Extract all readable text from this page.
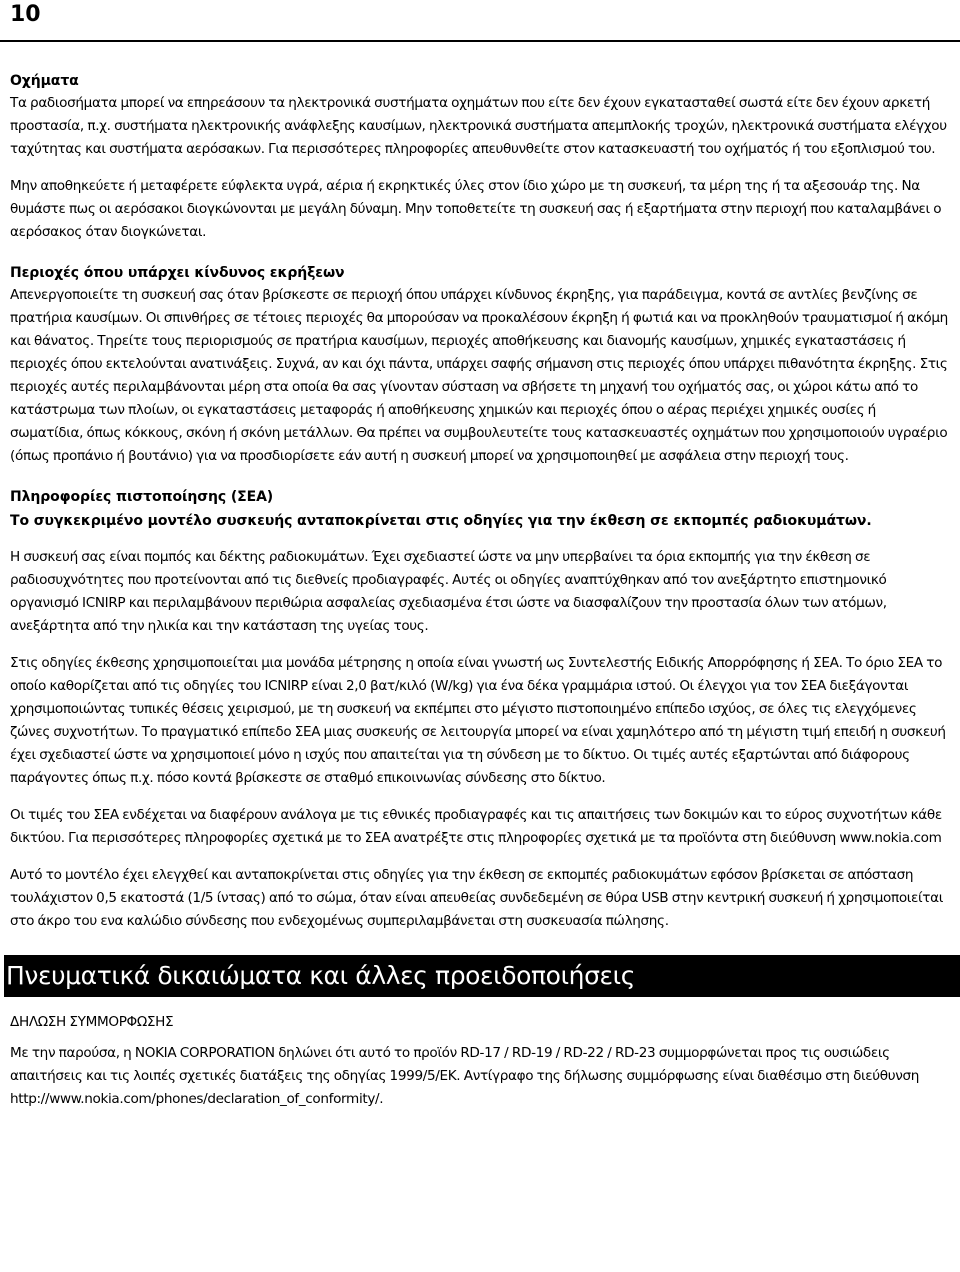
10
Οχήματα

Τα ραδιοσήματα μπορεί να επηρεάσουν τα ηλεκτρονικά συστήματα οχημάτων που είτε δεν έχουν εγκατασταθεί σωστά είτε δεν έχουν αρκετή προστασία, π.χ. συστήματα ηλεκτρονικής ανάφλεξης καυσίμων, ηλεκτρονικά συστήματα απεμπλοκής τροχών, ηλεκτρονικά συστήματα ελέγχου ταχύτητας και συστήματα αερόσακων. Για περισσότερες πληροφορίες απευθυνθείτε στον κατασκευαστή του οχήματός ή του εξοπλισμού του.

Μην αποθηκεύετε ή μεταφέρετε εύφλεκτα υγρά, αέρια ή εκρηκτικές ύλες στον ίδιο χώρο με τη συσκευή, τα μέρη της ή τα αξεσουάρ της. Να θυμάστε πως οι αερόσακοι διογκώνονται με μεγάλη δύναμη. Μην τοποθετείτε τη συσκευή σας ή εξαρτήματα στην περιοχή που καταλαμβάνει ο αερόσακος όταν διογκώνεται.

Περιοχές όπου υπάρχει κίνδυνος εκρήξεων

Απενεργοποιείτε τη συσκευή σας όταν βρίσκεστε σε περιοχή όπου υπάρχει κίνδυνος έκρηξης, για παράδειγμα, κοντά σε αντλίες βενζίνης σε πρατήρια καυσίμων. Οι σπινθήρες σε τέτοιες περιοχές θα μπορούσαν να προκαλέσουν έκρηξη ή φωτιά και να προκληθούν τραυματισμοί ή ακόμη και θάνατος. Τηρείτε τους περιορισμούς σε πρατήρια καυσίμων, περιοχές αποθήκευσης και διανομής καυσίμων, χημικές εγκαταστάσεις ή περιοχές όπου εκτελούνται ανατινάξεις. Συχνά, αν και όχι πάντα, υπάρχει σαφής σήμανση στις περιοχές όπου υπάρχει πιθανότητα έκρηξης. Στις περιοχές αυτές περιλαμβάνονται μέρη στα οποία θα σας γίνονταν σύσταση να σβήσετε τη μηχανή του οχήματός σας, οι χώροι κάτω από το κατάστρωμα των πλοίων, οι εγκαταστάσεις μεταφοράς ή αποθήκευσης χημικών και περιοχές όπου ο αέρας περιέχει χημικές ουσίες ή σωματίδια, όπως κόκκους, σκόνη ή σκόνη μετάλλων. Θα πρέπει να συμβουλευτείτε τους κατασκευαστές οχημάτων που χρησιμοποιούν υγραέριο (όπως προπάνιο ή βουτάνιο) για να προσδιορίσετε εάν αυτή η συσκευή μπορεί να χρησιμοποιηθεί με ασφάλεια στην περιοχή τους.

Πληροφορίες πιστοποίησης (ΣΕΑ)
Το συγκεκριμένο μοντέλο συσκευής ανταποκρίνεται στις οδηγίες για την έκθεση σε εκπομπές ραδιοκυμάτων.

Η συσκευή σας είναι πομπός και δέκτης ραδιοκυμάτων. Έχει σχεδιαστεί ώστε να μην υπερβαίνει τα όρια εκπομπής για την έκθεση σε ραδιοσυχνότητες που προτείνονται από τις διεθνείς προδιαγραφές. Αυτές οι οδηγίες αναπτύχθηκαν από τον ανεξάρτητο επιστημονικό οργανισμό ICNIRP και περιλαμβάνουν περιθώρια ασφαλείας σχεδιασμένα έτσι ώστε να διασφαλίζουν την προστασία όλων των ατόμων, ανεξάρτητα από την ηλικία και την κατάσταση της υγείας τους.

Στις οδηγίες έκθεσης χρησιμοποιείται μια μονάδα μέτρησης η οποία είναι γνωστή ως Συντελεστής Ειδικής Απορρόφησης ή ΣΕΑ. Το όριο ΣΕΑ το οποίο καθορίζεται από τις οδηγίες του ICNIRP είναι 2,0 βατ/κιλό (W/kg) για ένα δέκα γραμμάρια ιστού. Οι έλεγχοι για τον ΣΕΑ διεξάγονται χρησιμοποιώντας τυπικές θέσεις χειρισμού, με τη συσκευή να εκπέμπει στο μέγιστο πιστοποιημένο επίπεδο ισχύος, σε όλες τις ελεγχόμενες ζώνες συχνοτήτων. Το πραγματικό επίπεδο ΣΕΑ μιας συσκευής σε λειτουργία μπορεί να είναι χαμηλότερο από τη μέγιστη τιμή επειδή η συσκευή έχει σχεδιαστεί ώστε να χρησιμοποιεί μόνο η ισχύς που απαιτείται για τη σύνδεση με το δίκτυο. Οι τιμές αυτές εξαρτώνται από διάφορους παράγοντες όπως π.χ. πόσο κοντά βρίσκεστε σε σταθμό επικοινωνίας σύνδεσης στο δίκτυο.

Οι τιμές του ΣΕΑ ενδέχεται να διαφέρουν ανάλογα με τις εθνικές προδιαγραφές και τις απαιτήσεις των δοκιμών και το εύρος συχνοτήτων κάθε δικτύου. Για περισσότερες πληροφορίες σχετικά με το ΣΕΑ ανατρέξτε στις πληροφορίες σχετικά με τα προϊόντα στη διεύθυνση www.nokia.com

Αυτό το μοντέλο έχει ελεγχθεί και ανταποκρίνεται στις οδηγίες για την έκθεση σε εκπομπές ραδιοκυμάτων εφόσον βρίσκεται σε απόσταση τουλάχιστον 0,5 εκατοστά (1/5 ίντσας) από το σώμα, όταν είναι απευθείας συνδεδεμένη σε θύρα USB στην κεντρική συσκευή ή χρησιμοποιείται στο άκρο του ενα καλώδιο σύνδεσης που ενδεχομένως συμπεριλαμβάνεται στη συσκευασία πώλησης.

Πνευματικά δικαιώματα και άλλες προειδοποιήσεις

ΔΗΛΩΣΗ ΣΥΜΜΟΡΦΩΣΗΣ

Με την παρούσα, η NOKIA CORPORATION δηλώνει ότι αυτό το προϊόν RD-17 / RD-19 / RD-22 / RD-23 συμμορφώνεται προς τις ουσιώδεις απαιτήσεις και τις λοιπές σχετικές διατάξεις της οδηγίας 1999/5/ΕΚ. Αντίγραφο της δήλωσης συμμόρφωσης είναι διαθέσιμο στη διεύθυνση http://www.nokia.com/phones/declaration_of_conformity/.
